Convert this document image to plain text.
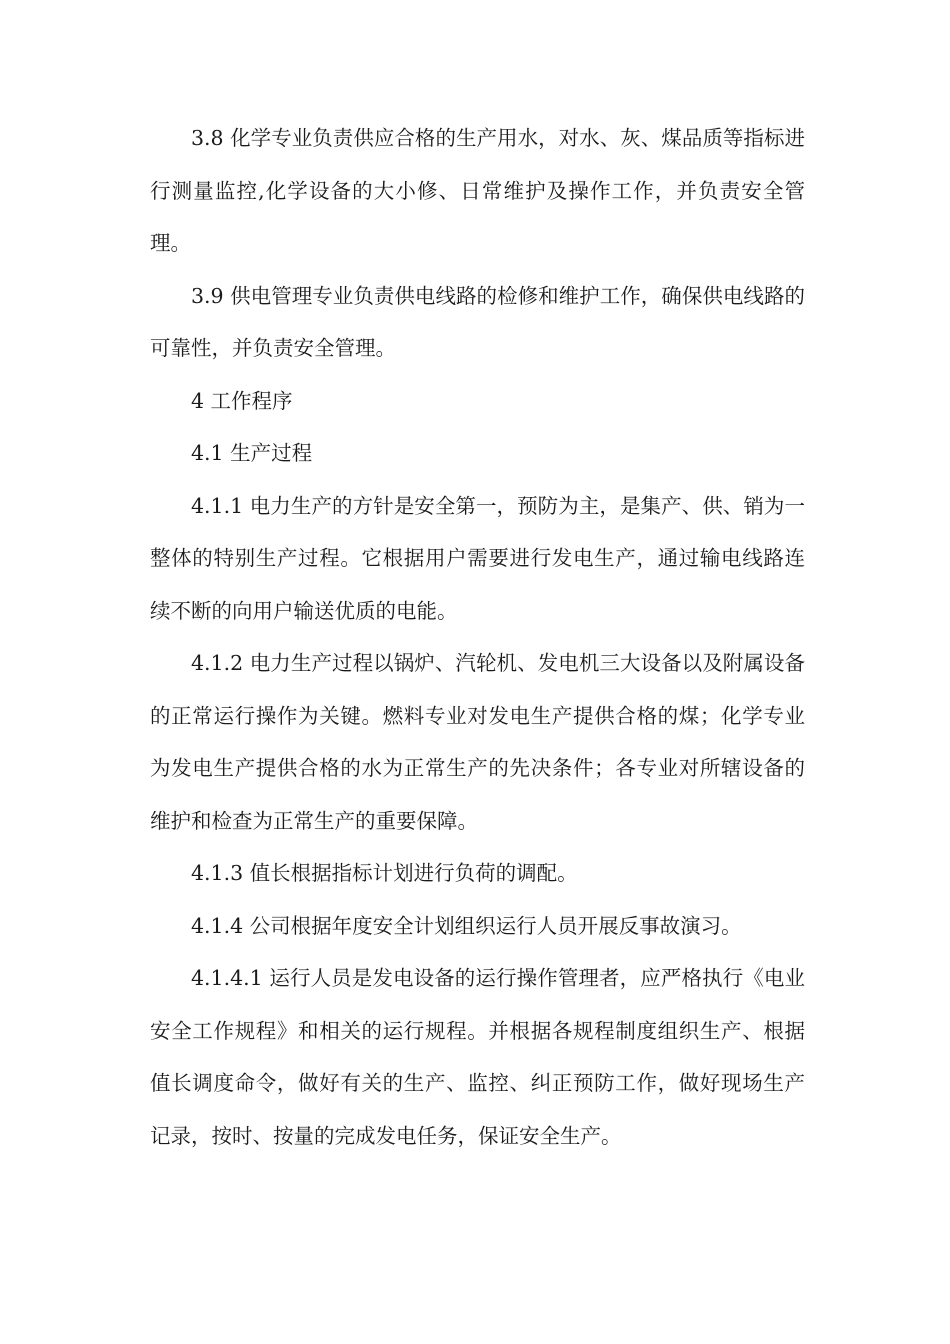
3.8 化学专业负责供应合格的生产用水，对水、灰、煤品质等指标进行测量监控,化学设备的大小修、日常维护及操作工作，并负责安全管理。

3.9 供电管理专业负责供电线路的检修和维护工作，确保供电线路的可靠性，并负责安全管理。

4 工作程序

4.1 生产过程

4.1.1 电力生产的方针是安全第一，预防为主，是集产、供、销为一整体的特别生产过程。它根据用户需要进行发电生产，通过输电线路连续不断的向用户输送优质的电能。

4.1.2 电力生产过程以锅炉、汽轮机、发电机三大设备以及附属设备的正常运行操作为关键。燃料专业对发电生产提供合格的煤；化学专业为发电生产提供合格的水为正常生产的先决条件；各专业对所辖设备的维护和检查为正常生产的重要保障。

4.1.3 值长根据指标计划进行负荷的调配。

4.1.4 公司根据年度安全计划组织运行人员开展反事故演习。

4.1.4.1 运行人员是发电设备的运行操作管理者，应严格执行《电业安全工作规程》和相关的运行规程。并根据各规程制度组织生产、根据值长调度命令，做好有关的生产、监控、纠正预防工作，做好现场生产记录，按时、按量的完成发电任务，保证安全生产。
